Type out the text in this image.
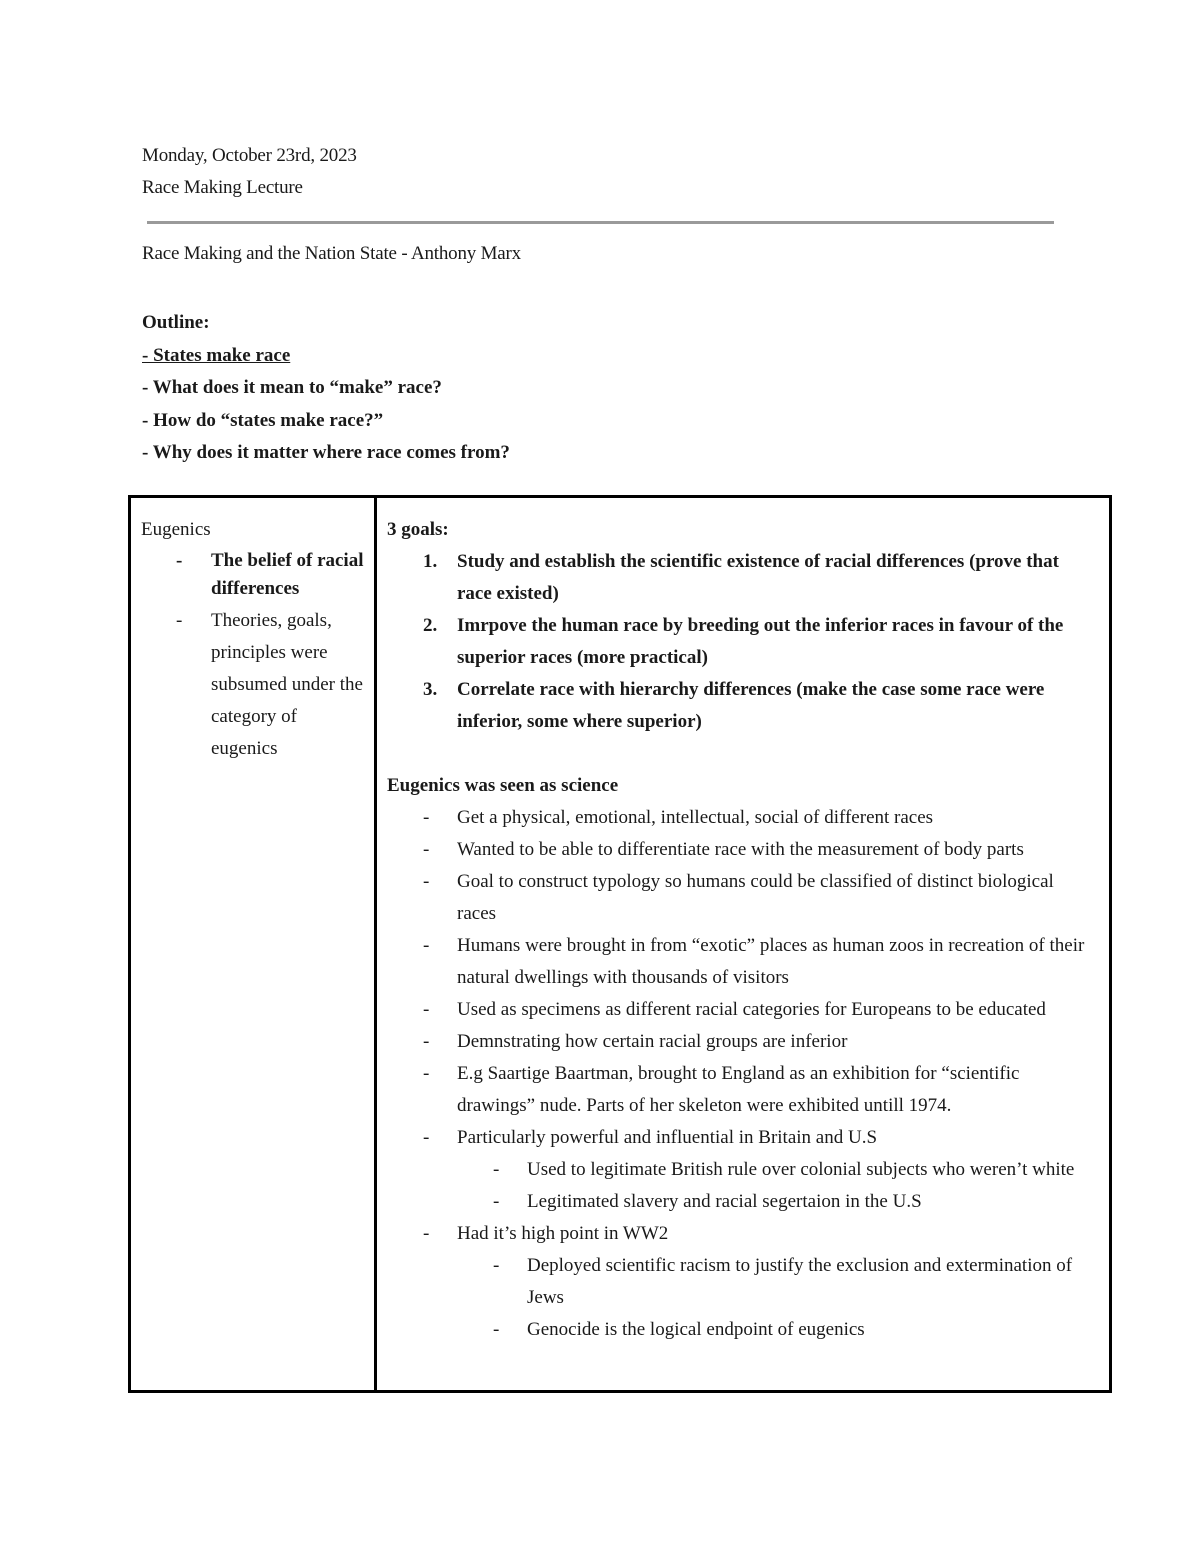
Monday, October 23rd, 2023
Race Making Lecture
Race Making and the Nation State - Anthony Marx
Outline:
- States make race
- What does it mean to “make” race?
- How do “states make race?”
- Why does it matter where race comes from?
Eugenics
- The belief of racial differences
- Theories, goals, principles were subsumed under the category of eugenics

3 goals:
1. Study and establish the scientific existence of racial differences (prove that race existed)
2. Imrpove the human race by breeding out the inferior races in favour of the superior races (more practical)
3. Correlate race with hierarchy differences (make the case some race were inferior, some where superior)
Eugenics was seen as science
- Get a physical, emotional, intellectual, social of different races
- Wanted to be able to differentiate race with the measurement of body parts
- Goal to construct typology so humans could be classified of distinct biological races
- Humans were brought in from “exotic” places as human zoos in recreation of their natural dwellings with thousands of visitors
- Used as specimens as different racial categories for Europeans to be educated
- Demnstrating how certain racial groups are inferior
- E.g Saartige Baartman, brought to England as an exhibition for “scientific drawings” nude. Parts of her skeleton were exhibited untill 1974.
- Particularly powerful and influential in Britain and U.S
- Used to legitimate British rule over colonial subjects who weren’t white
- Legitimated slavery and racial segertaion in the U.S
- Had it’s high point in WW2
- Deployed scientific racism to justify the exclusion and extermination of Jews
- Genocide is the logical endpoint of eugenics
